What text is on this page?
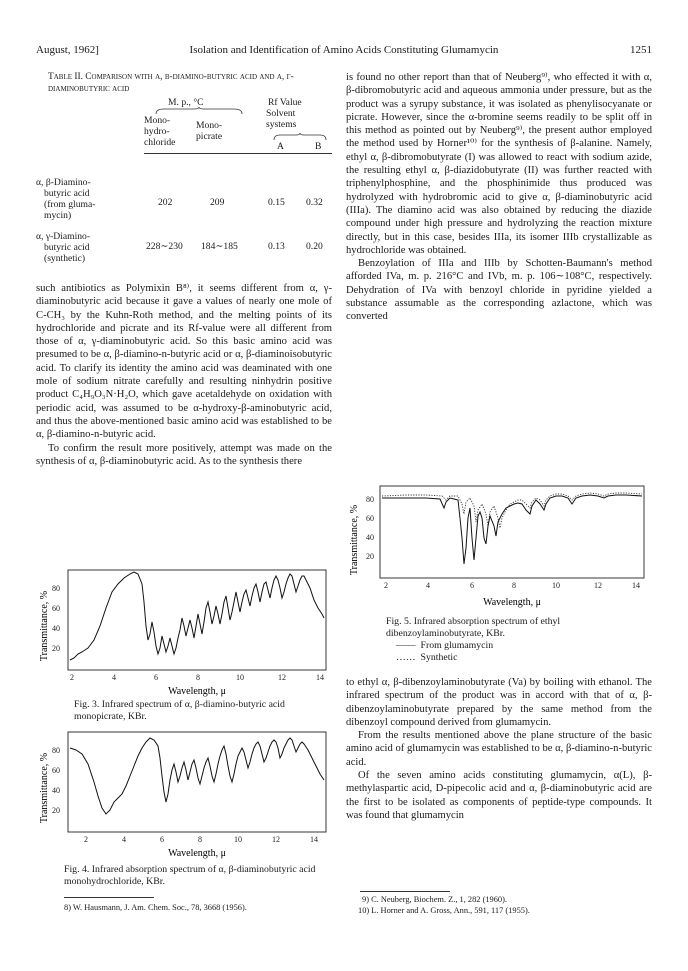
August, 1962]	Isolation and Identification of Amino Acids Constituting Glumamycin	1251
Table II. Comparison with α, β-diamino-butyric acid and α, γ-diaminobutyric acid
M. p., °C	Rf Value
Solvent
systems
Mono-
hydro-
chloride
Mono-
picrate
A	B
α, β-Diamino-
butyric acid
(from gluma-
mycin)
202	209	0.15 0.32
α, γ-Diamino-
butyric acid
(synthetic)
228∼230 184∼185	0.13 0.20

such antibiotics as Polymixin B⁸⁾, it seems different from α, γ-diaminobutyric acid because it gave a values of nearly one mole of C-CH₃ by the Kuhn-Roth method, and the melting points of its hydrochloride and picrate and its Rf-value were all different from those of α, γ-diaminobutyric acid. So this basic amino acid was presumed to be α, β-diamino-n-butyric acid or α, β-diaminoisobutyric acid. To clarify its identity the amino acid was deaminated with one mole of sodium nitrate carefully and resulting ninhydrin positive product C₄H₉O₃N·H₂O, which gave acetaldehyde on oxidation with periodic acid, was assumed to be α-hydroxy-β-aminobutyric acid, and thus the above-mentioned basic amino acid was established to be α, β-diamino-n-butyric acid.

To confirm the result more positively, attempt was made on the synthesis of α, β-diaminobutyric acid. As to the synthesis there

Transmittance, %
80
60
40
20
2	4	6	8	10	12	14
Wavelength, μ
Fig. 3. Infrared spectrum of α, β-diamino-butyric acid monopicrate, KBr.
Transmittance, %
80
60
40
20
2	4	6	8	10	12	14
Wavelength, μ
Fig. 4. Infrared absorption spectrum of α, β-diaminobutyric acid monohydrochloride, KBr.
8) W. Hausmann, J. Am. Chem. Soc., 78, 3668 (1956).

is found no other report than that of Neuberg⁹⁾, who effected it with α, β-dibromobutyric acid and aqueous ammonia under pressure, but as the product was a syrupy substance, it was isolated as phenylisocyanate or picrate. However, since the α-bromine seems readily to be split off in this method as pointed out by Neuberg⁹⁾, the present author employed the method used by Horner¹⁰⁾ for the synthesis of β-alanine. Namely, ethyl α, β-dibromobutyrate (I) was allowed to react with sodium azide, the resulting ethyl α, β-diazidobutyrate (II) was further reacted with triphenylphosphine, and the phosphinimide thus produced was hydrolyzed with hydrobromic acid to give α, β-diaminobutyric acid (IIIa). The diamino acid was also obtained by reducing the diazide compound under high pressure and hydrolyzing the reaction mixture directly, but in this case, besides IIIa, its isomer IIIb crystallizable as hydrochloride was obtained.

Benzoylation of IIIa and IIIb by Schotten-Baumann's method afforded IVa, m. p. 216°C and IVb, m. p. 106∼108°C, respectively. Dehydration of IVa with benzoyl chloride in pyridine yielded a substance assumable as the corresponding azlactone, which was converted

Transmittance, %
80
60
40
20
2	4	6	8	10	12	14
Wavelength, μ
Fig. 5. Infrared absorption spectrum of ethyl dibenzoylaminobutyrate, KBr.
—— From glumamycin
…… Synthetic

to ethyl α, β-dibenzoylaminobutyrate (Va) by boiling with ethanol. The infrared spectrum of the product was in accord with that of α, β-dibenzoylaminobutyrate prepared by the same method from the dibenzoyl compound derived from glumamycin.

From the results mentioned above the plane structure of the basic amino acid of glumamycin was established to be α, β-diamino-n-butyric acid.

Of the seven amino acids constituting glumamycin, α(L), β-methylaspartic acid, D-pipecolic acid and α, β-diaminobutyric acid are the first to be isolated as components of peptide-type compounds. It was found that glumamycin

9) C. Neuberg, Biochem. Z., 1, 282 (1960).
10) L. Horner and A. Gross, Ann., 591, 117 (1955).
